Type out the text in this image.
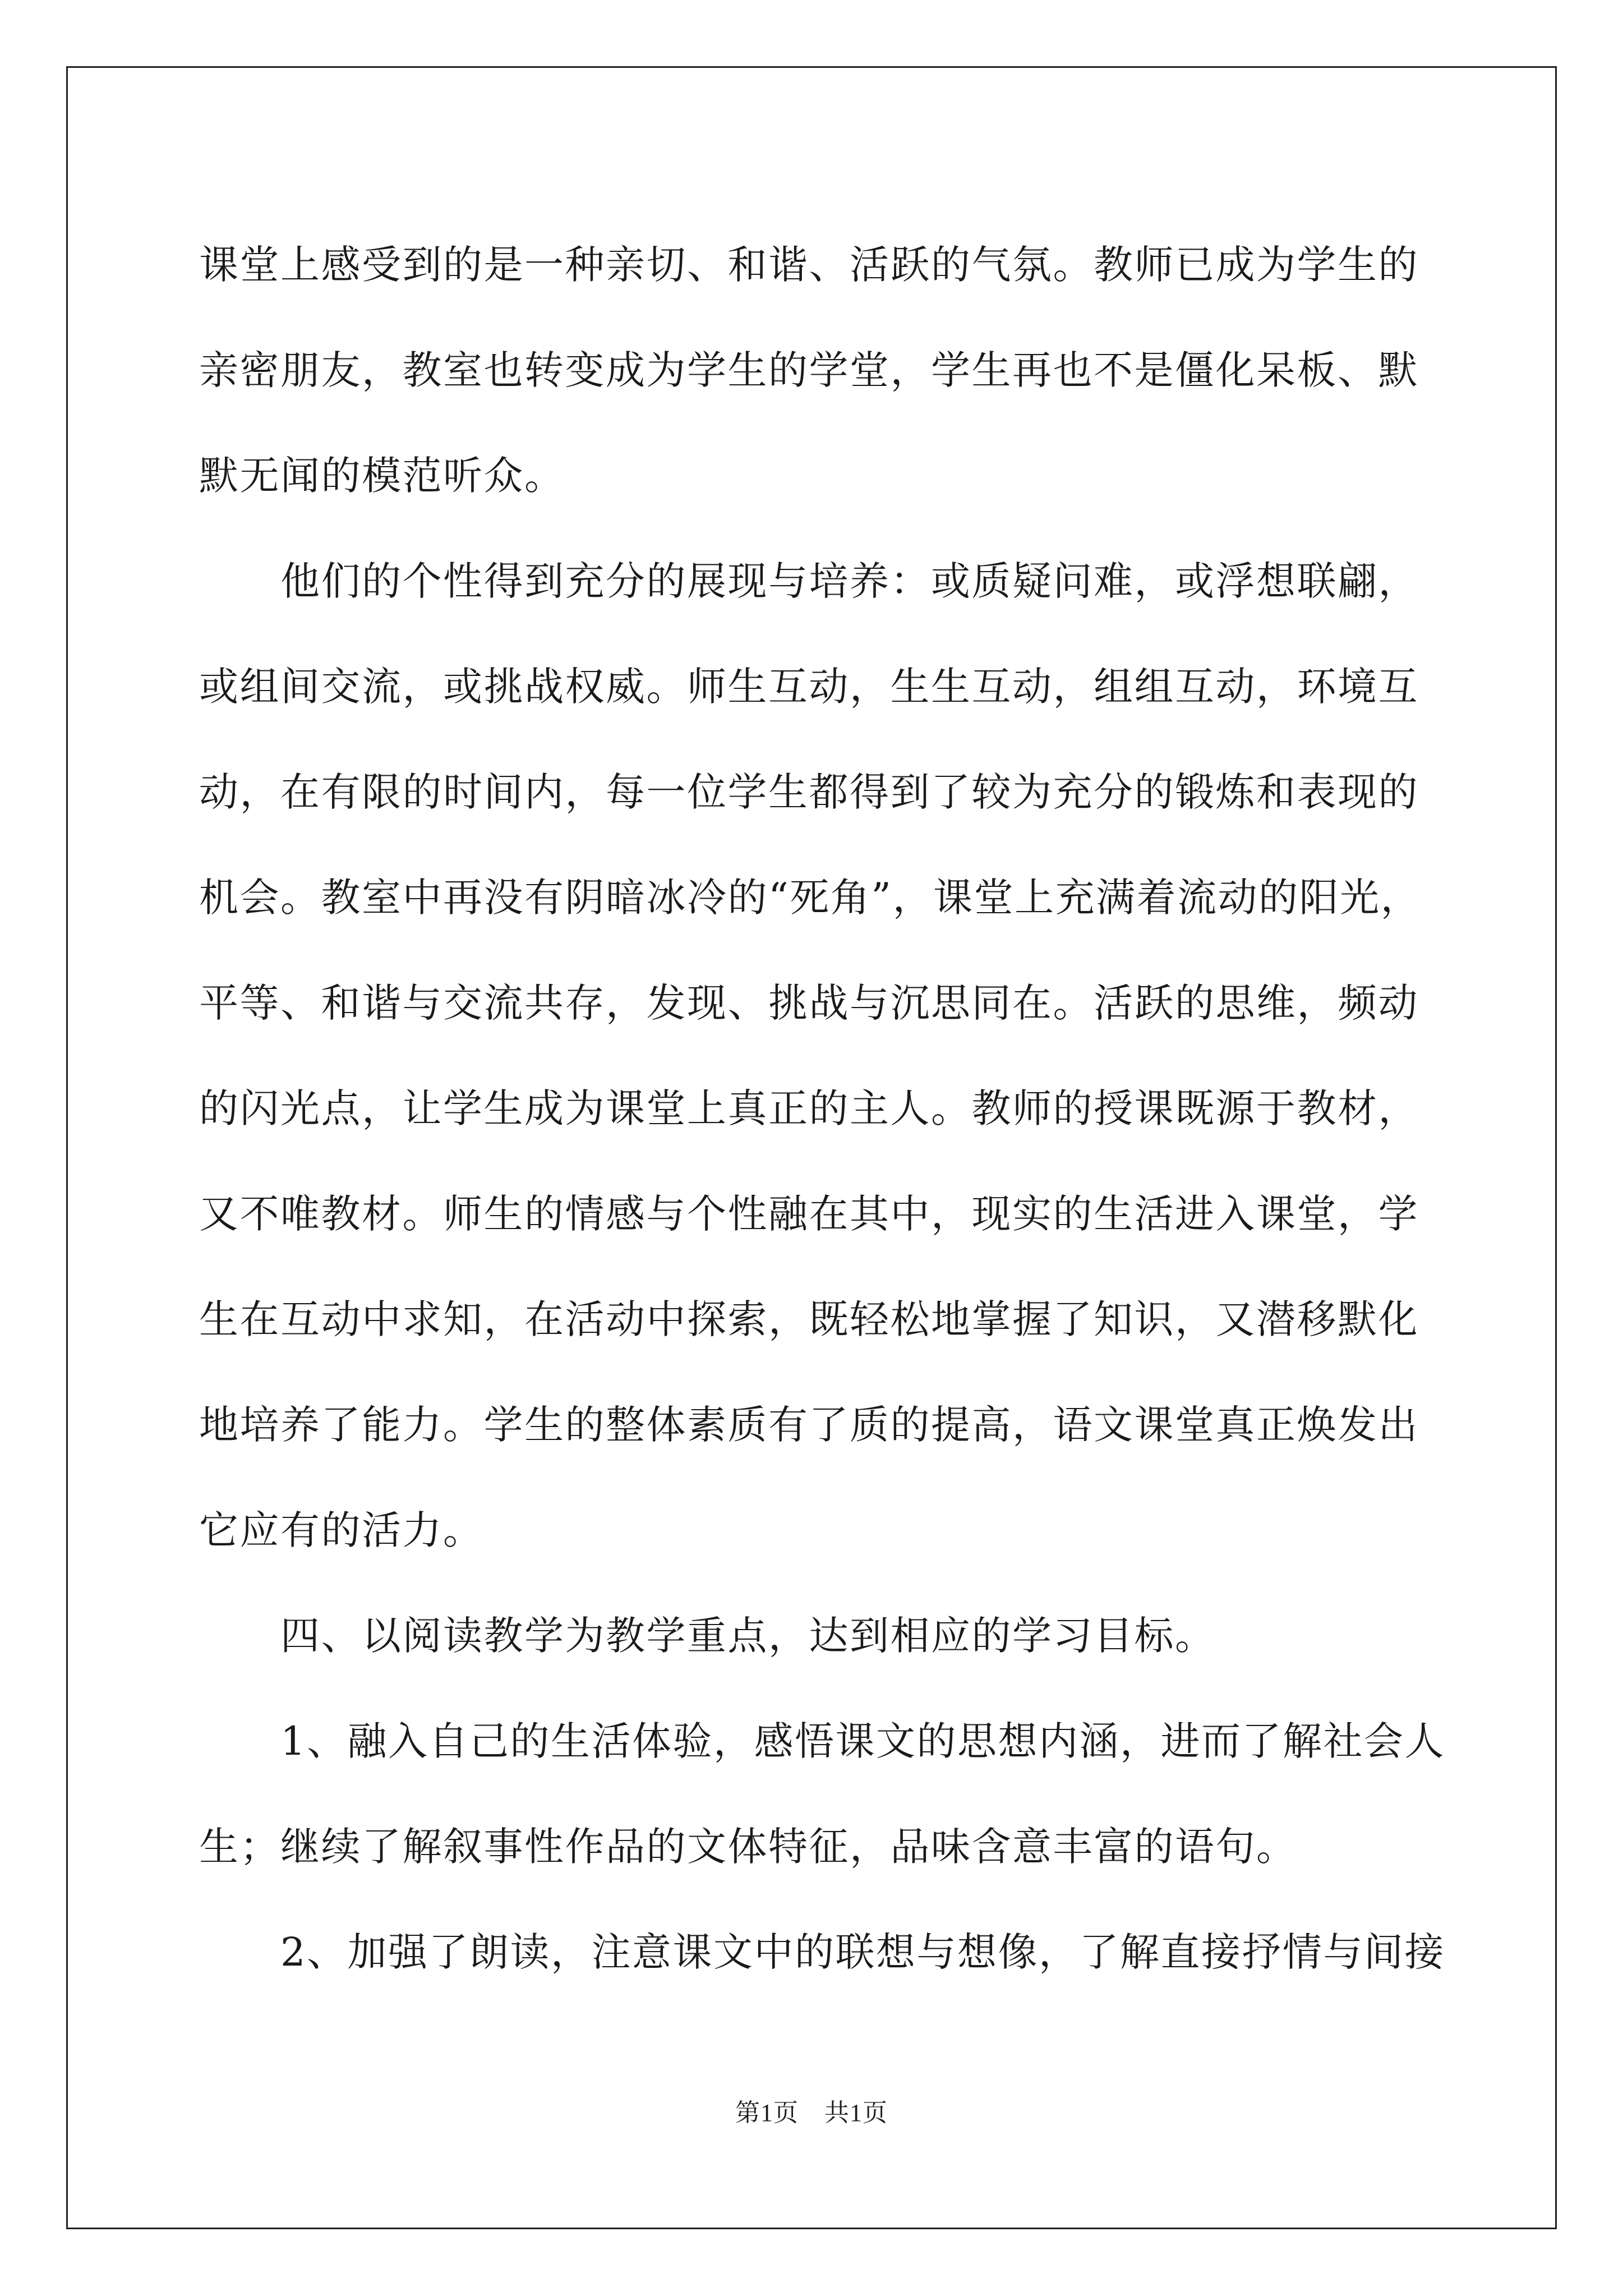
课堂上感受到的是一种亲切、和谐、活跃的气氛。教师已成为学生的
亲密朋友，教室也转变成为学生的学堂，学生再也不是僵化呆板、默
默无闻的模范听众。

他们的个性得到充分的展现与培养：或质疑问难，或浮想联翩，
或组间交流，或挑战权威。师生互动，生生互动，组组互动，环境互
动，在有限的时间内，每一位学生都得到了较为充分的锻炼和表现的
机会。教室中再没有阴暗冰冷的“死角”，课堂上充满着流动的阳光，
平等、和谐与交流共存，发现、挑战与沉思同在。活跃的思维，频动
的闪光点，让学生成为课堂上真正的主人。教师的授课既源于教材，
又不唯教材。师生的情感与个性融在其中，现实的生活进入课堂，学
生在互动中求知，在活动中探索，既轻松地掌握了知识，又潜移默化
地培养了能力。学生的整体素质有了质的提高，语文课堂真正焕发出
它应有的活力。

四、以阅读教学为教学重点，达到相应的学习目标。

1、融入自己的生活体验，感悟课文的思想内涵，进而了解社会人
生；继续了解叙事性作品的文体特征，品味含意丰富的语句。

2、加强了朗读，注意课文中的联想与想像，了解直接抒情与间接

第1页 共1页
